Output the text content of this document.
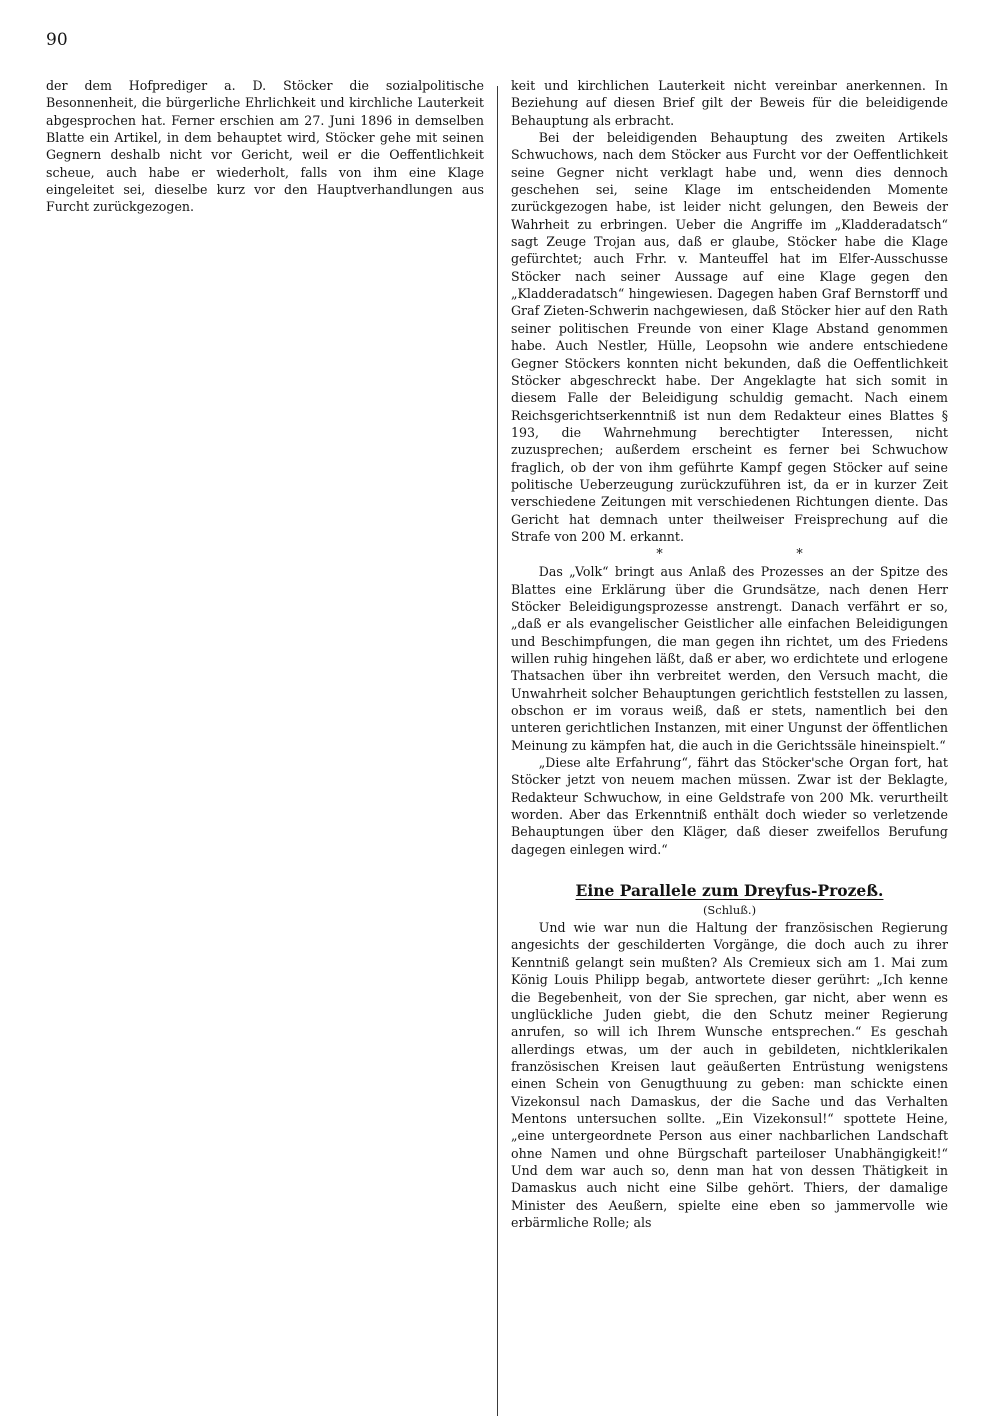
90

der dem Hofprediger a. D. Stöcker die sozialpolitische Besonnenheit, die bürgerliche Ehrlichkeit und kirchliche Lauterkeit abgesprochen hat. Ferner erschien am 27. Juni 1896 in demselben Blatte ein Artikel, in dem behauptet wird, Stöcker gehe mit seinen Gegnern deshalb nicht vor Gericht, weil er die Oeffentlichkeit scheue, auch habe er wiederholt, falls von ihm eine Klage eingeleitet sei, dieselbe kurz vor den Hauptverhandlungen aus Furcht zurückgezogen.

keit und kirchlichen Lauterkeit nicht vereinbar anerkennen. In Beziehung auf diesen Brief gilt der Beweis für die beleidigende Behauptung als erbracht.

Bei der beleidigenden Behauptung des zweiten Artikels Schwuchows, nach dem Stöcker aus Furcht vor der Oeffentlichkeit seine Gegner nicht verklagt habe und, wenn dies dennoch geschehen sei, seine Klage im entscheidenden Momente zurückgezogen habe, ist leider nicht gelungen, den Beweis der Wahrheit zu erbringen. Ueber die Angriffe im „Kladderadatsch“ sagt Zeuge Trojan aus, daß er glaube, Stöcker habe die Klage gefürchtet; auch Frhr. v. Manteuffel hat im Elfer-Ausschusse Stöcker nach seiner Aussage auf eine Klage gegen den „Kladderadatsch“ hingewiesen. Dagegen haben Graf Bernstorff und Graf Zieten-Schwerin nachgewiesen, daß Stöcker hier auf den Rath seiner politischen Freunde von einer Klage Abstand genommen habe. Auch Nestler, Hülle, Leopsohn wie andere entschiedene Gegner Stöckers konnten nicht bekunden, daß die Oeffentlichkeit Stöcker abgeschreckt habe. Der Angeklagte hat sich somit in diesem Falle der Beleidigung schuldig gemacht. Nach einem Reichsgerichtserkenntniß ist nun dem Redakteur eines Blattes § 193, die Wahrnehmung berechtigter Interessen, nicht zuzusprechen; außerdem erscheint es ferner bei Schwuchow fraglich, ob der von ihm geführte Kampf gegen Stöcker auf seine politische Ueberzeugung zurückzuführen ist, da er in kurzer Zeit verschiedene Zeitungen mit verschiedenen Richtungen diente. Das Gericht hat demnach unter theilweiser Freisprechung auf die Strafe von 200 M. erkannt.

*	*

Das „Volk“ bringt aus Anlaß des Prozesses an der Spitze des Blattes eine Erklärung über die Grundsätze, nach denen Herr Stöcker Beleidigungsprozesse anstrengt. Danach verfährt er so, „daß er als evangelischer Geistlicher alle einfachen Beleidigungen und Beschimpfungen, die man gegen ihn richtet, um des Friedens willen ruhig hingehen läßt, daß er aber, wo erdichtete und erlogene Thatsachen über ihn verbreitet werden, den Versuch macht, die Unwahrheit solcher Behauptungen gerichtlich feststellen zu lassen, obschon er im voraus weiß, daß er stets, namentlich bei den unteren gerichtlichen Instanzen, mit einer Ungunst der öffentlichen Meinung zu kämpfen hat, die auch in die Gerichtssäle hineinspielt.“

„Diese alte Erfahrung“, fährt das Stöcker'sche Organ fort, hat Stöcker jetzt von neuem machen müssen. Zwar ist der Beklagte, Redakteur Schwuchow, in eine Geldstrafe von 200 Mk. verurtheilt worden. Aber das Erkenntniß enthält doch wieder so verletzende Behauptungen über den Kläger, daß dieser zweifellos Berufung dagegen einlegen wird.“

Eine Parallele zum Dreyfus-Prozeß.
(Schluß.)

Und wie war nun die Haltung der französischen Regierung angesichts der geschilderten Vorgänge, die doch auch zu ihrer Kenntniß gelangt sein mußten? Als Cremieux sich am 1. Mai zum König Louis Philipp begab, antwortete dieser gerührt: „Ich kenne die Begebenheit, von der Sie sprechen, gar nicht, aber wenn es unglückliche Juden giebt, die den Schutz meiner Regierung anrufen, so will ich Ihrem Wunsche entsprechen.“ Es geschah allerdings etwas, um der auch in gebildeten, nichtklerikalen französischen Kreisen laut geäußerten Entrüstung wenigstens einen Schein von Genugthuung zu geben: man schickte einen Vizekonsul nach Damaskus, der die Sache und das Verhalten Mentons untersuchen sollte. „Ein Vizekonsul!“ spottete Heine, „eine untergeordnete Person aus einer nachbarlichen Landschaft ohne Namen und ohne Bürgschaft parteiloser Unabhängigkeit!“ Und dem war auch so, denn man hat von dessen Thätigkeit in Damaskus auch nicht eine Silbe gehört. Thiers, der damalige Minister des Aeußern, spielte eine eben so jammervolle wie erbärmliche Rolle; als
